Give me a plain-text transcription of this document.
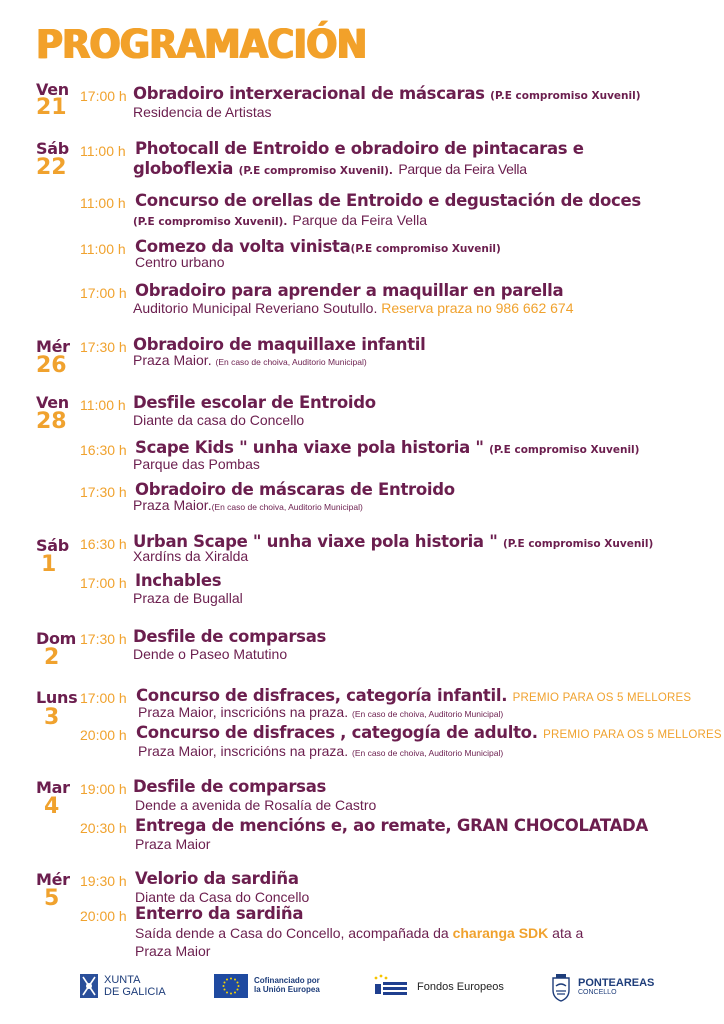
PROGRAMACIÓN
Ven
21
Sáb
22
Mér
26
Ven
28
Sáb
1
Dom
2
Luns
3
Mar
4
Mér
5
17:00 h Obradoiro interxeracional de máscaras (P.E compromiso Xuvenil)
Residencia de Artistas
11:00 h Photocall de Entroido e obradoiro de pintacaras e
globoflexia (P.E compromiso Xuvenil). Parque da Feira Vella
11:00 h Concurso de orellas de Entroido e degustación de doces
(P.E compromiso Xuvenil). Parque da Feira Vella
11:00 h Comezo da volta vinista(P.E compromiso Xuvenil)
Centro urbano
17:00 h Obradoiro para aprender a maquillar en parella
Auditorio Municipal Reveriano Soutullo. Reserva praza no 986 662 674
17:30 h Obradoiro de maquillaxe infantil
Praza Maior. (En caso de choiva, Auditorio Municipal)
11:00 h Desfile escolar de Entroido
Diante da casa do Concello
16:30 h Scape Kids " unha viaxe pola historia " (P.E compromiso Xuvenil)
Parque das Pombas
17:30 h Obradoiro de máscaras de Entroido
Praza Maior.(En caso de choiva, Auditorio Municipal)
16:30 h Urban Scape " unha viaxe pola historia " (P.E compromiso Xuvenil)
Xardíns da Xiralda
17:00 h Inchables
Praza de Bugallal
17:30 h Desfile de comparsas
Dende o Paseo Matutino
17:00 h Concurso de disfraces, categoría infantil. PREMIO PARA OS 5 MELLORES
Praza Maior, inscricións na praza. (En caso de choiva, Auditorio Municipal)
20:00 h Concurso de disfraces , categogía de adulto. PREMIO PARA OS 5 MELLORES
Praza Maior, inscricións na praza. (En caso de choiva, Auditorio Municipal)
19:00 h Desfile de comparsas
Dende a avenida de Rosalía de Castro
20:30 h Entrega de mencións e, ao remate, GRAN CHOCOLATADA
Praza Maior
19:30 h Velorio da sardiña
Diante da Casa do Concello
20:00 h Enterro da sardiña
Saída dende a Casa do Concello, acompañada da charanga SDK ata a
Praza Maior
XUNTA
DE GALICIA
Cofinanciado por
la Unión Europea	Fondos Europeos	PONTEAREAS
CONCELLO
